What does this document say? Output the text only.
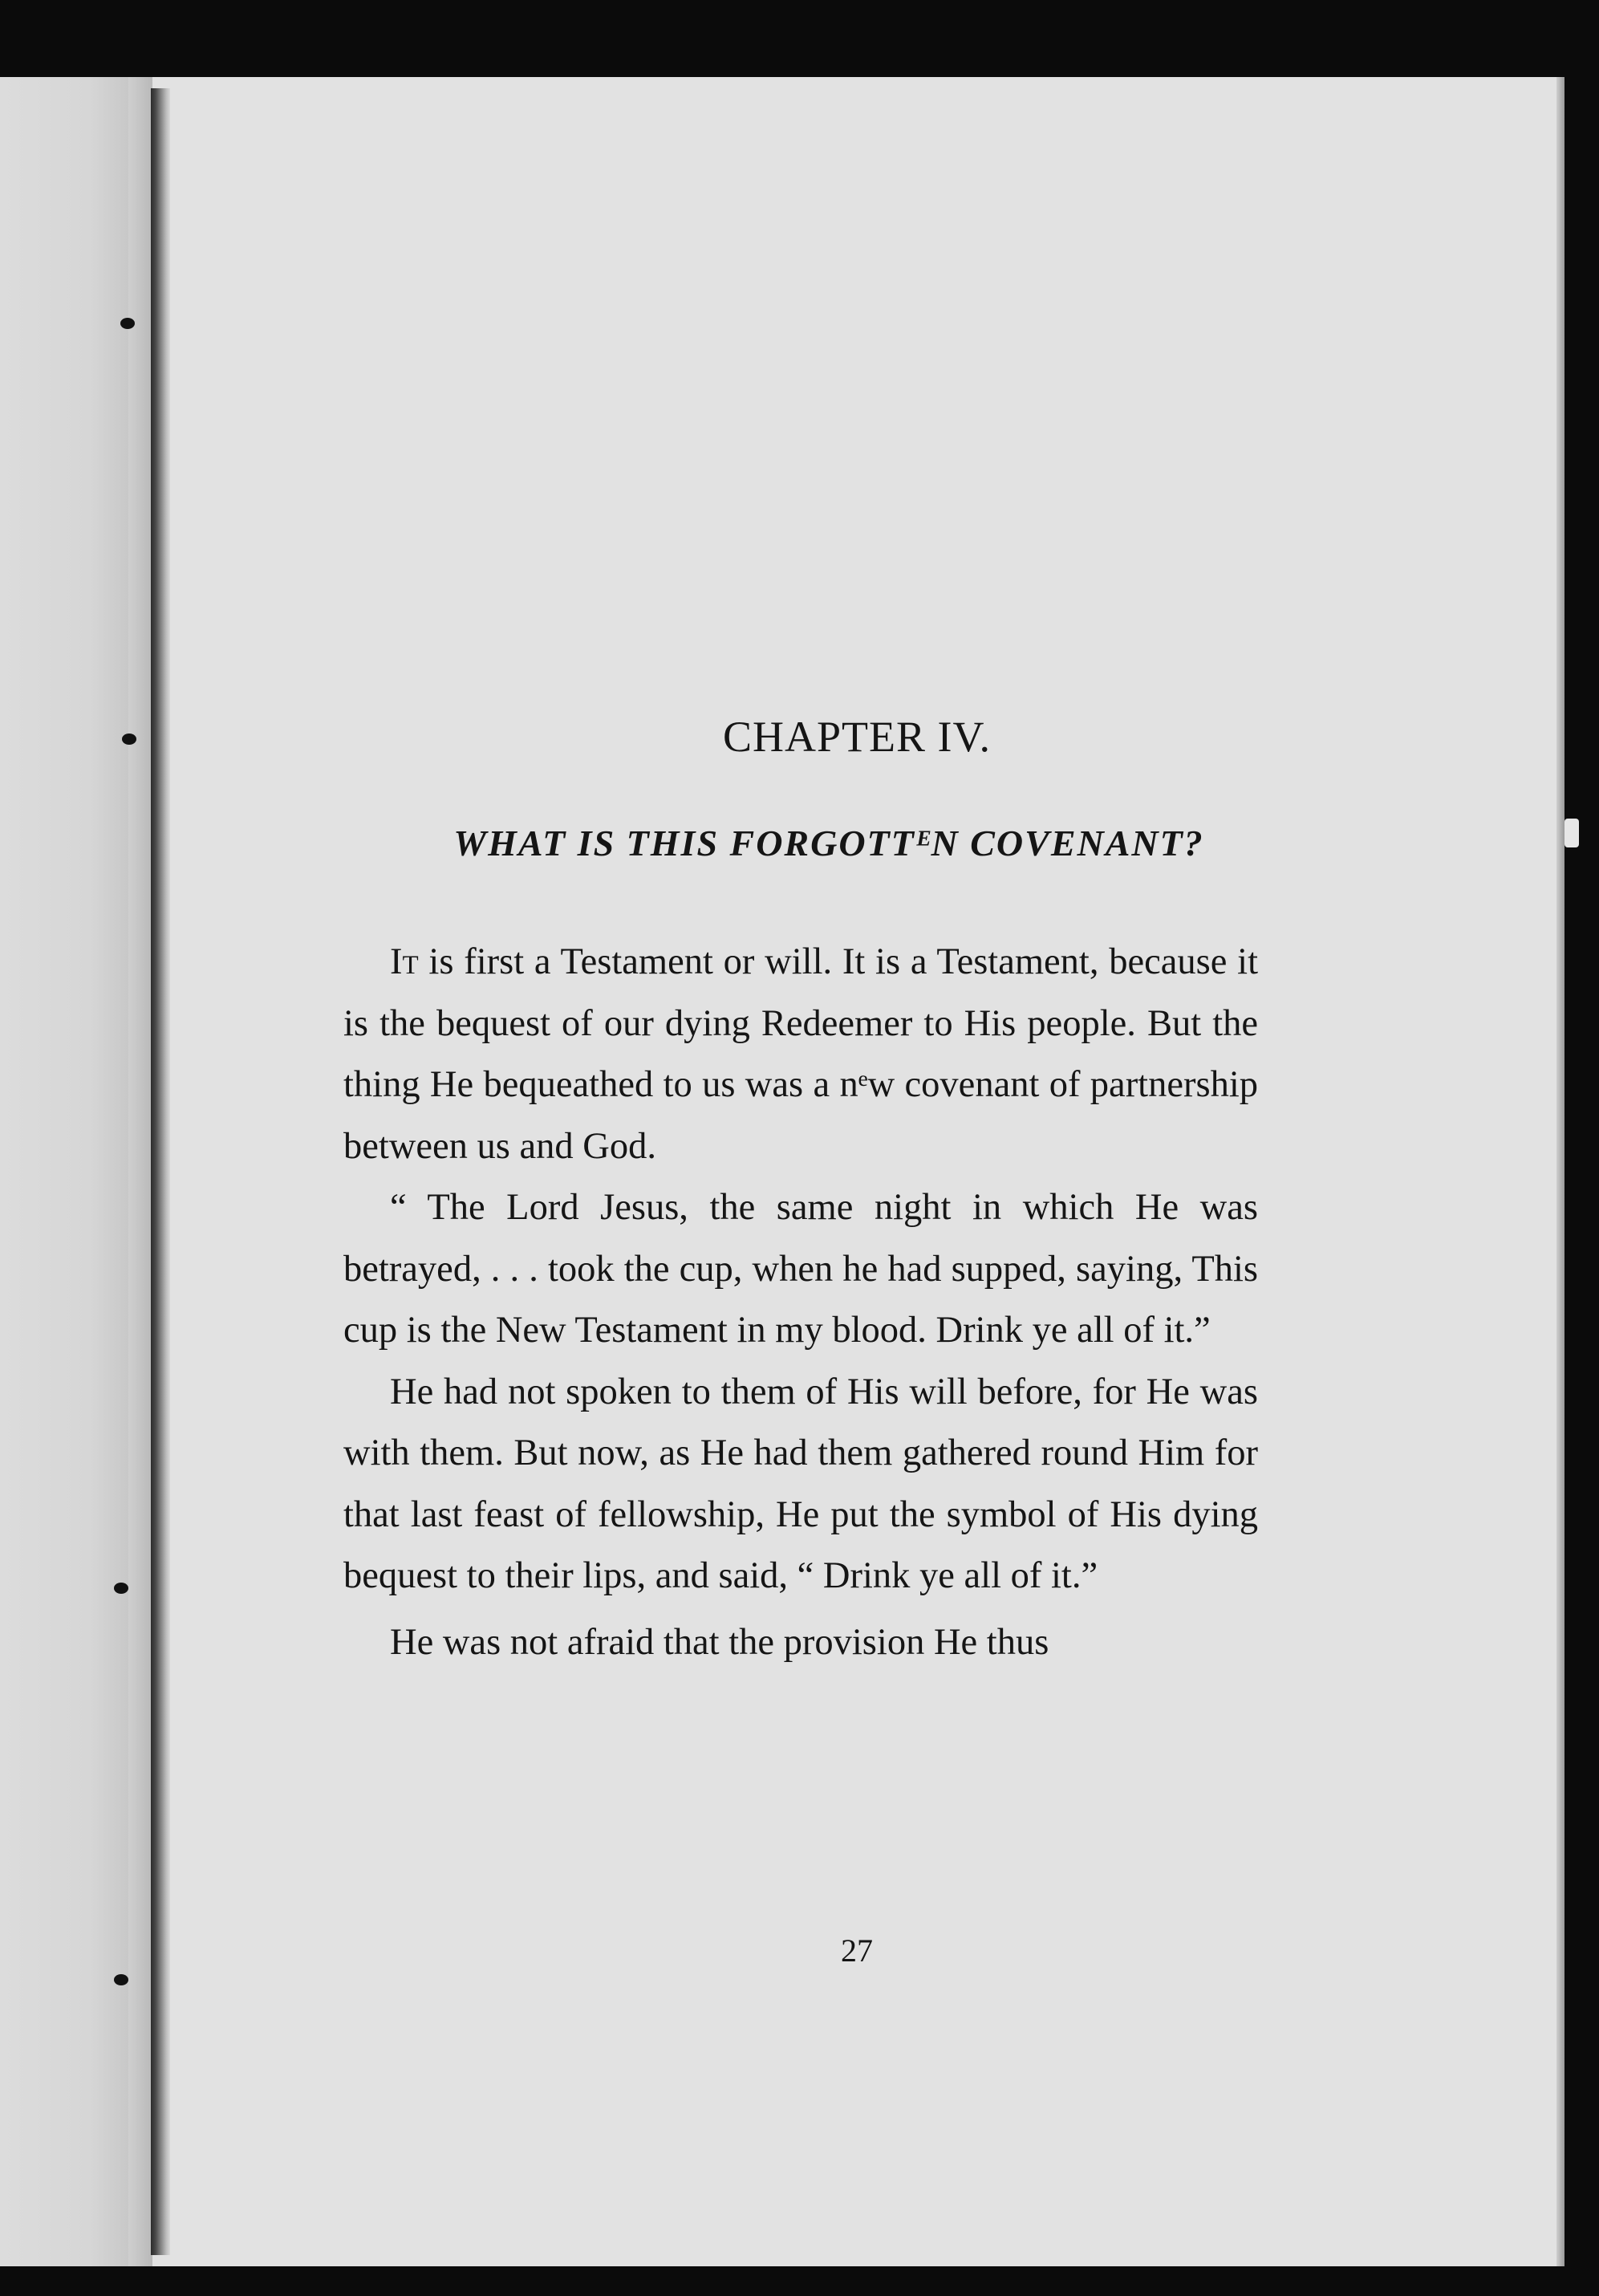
CHAPTER IV.
WHAT IS THIS FORGOTTᴱN COVENANT?

It is first a Testament or will. It is a Testament, because it is the bequest of our dying Redeemer to His people. But the thing He bequeathed to us was a nᵉw covenant of partnership between us and God.

“ The Lord Jesus, the same night in which He was betrayed, . . . took the cup, when he had supped, saying, This cup is the New Testament in my blood. Drink ye all of it.”

He had not spoken to them of His will before, for He was with them. But now, as He had them gathered round Him for that last feast of fellowship, He put the symbol of His dying bequest to their lips, and said, “ Drink ye all of it.”

He was not afraid that the provision He thus

27
